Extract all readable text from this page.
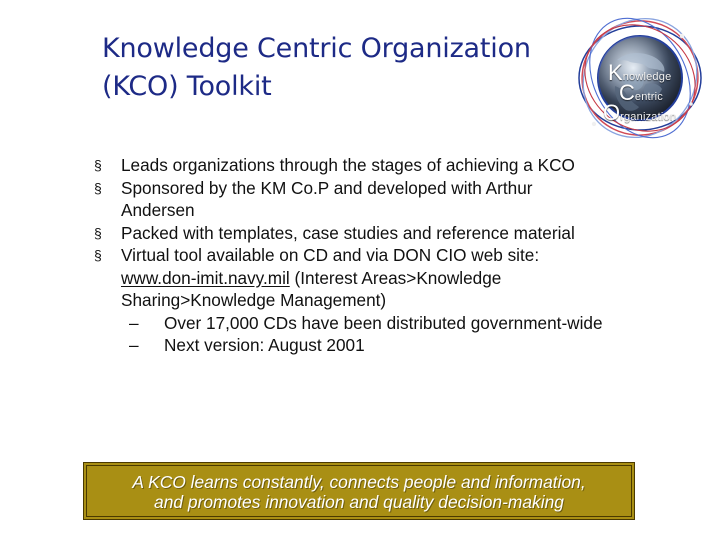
Knowledge Centric Organization
(KCO) Toolkit	Knowledge
Centric
Organization
§	Leads organizations through the stages of achieving a KCO
§	Sponsored by the KM Co.P and developed with Arthur
Andersen
§	Packed with templates, case studies and reference material
§	Virtual tool available on CD and via DON CIO web site:
www.don-imit.navy.mil (Interest Areas>Knowledge
Sharing>Knowledge Management)
–	Over 17,000 CDs have been distributed government-wide
–	Next version: August 2001
A KCO learns constantly, connects people and information,
and promotes innovation and quality decision-making
